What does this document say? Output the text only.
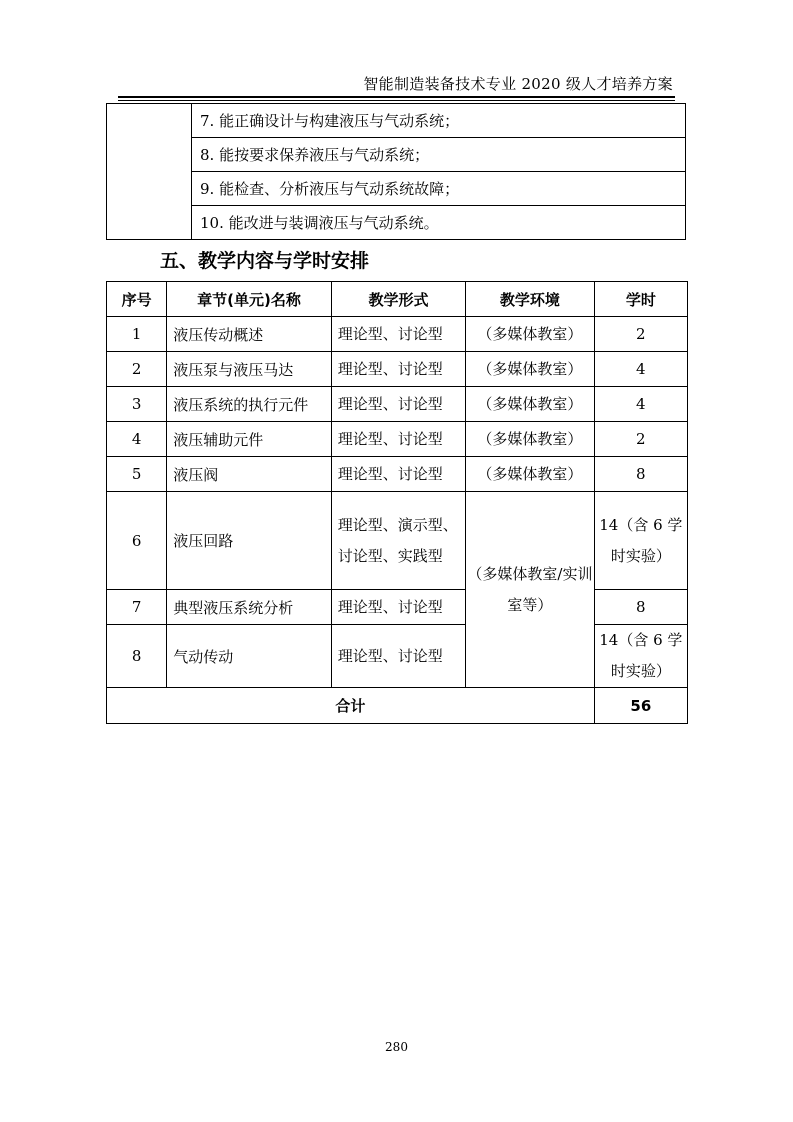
智能制造装备技术专业 2020 级人才培养方案
	7. 能正确设计与构建液压与气动系统；
8. 能按要求保养液压与气动系统；
9. 能检查、分析液压与气动系统故障；
10. 能改进与装调液压与气动系统。
五、教学内容与学时安排
序号	章节(单元)名称	教学形式	教学环境	学时
1	液压传动概述	理论型、讨论型	（多媒体教室）	2
2	液压泵与液压马达	理论型、讨论型	（多媒体教室）	4
3	液压系统的执行元件	理论型、讨论型	（多媒体教室）	4
4	液压辅助元件	理论型、讨论型	（多媒体教室）	2
5	液压阀	理论型、讨论型	（多媒体教室）	8
6	液压回路	理论型、演示型、讨论型、实践型	（多媒体教室/实训室等）	14（含 6 学时实验）
7	典型液压系统分析	理论型、讨论型		8
8	气动传动	理论型、讨论型		14（含 6 学时实验）
合计				56
280
